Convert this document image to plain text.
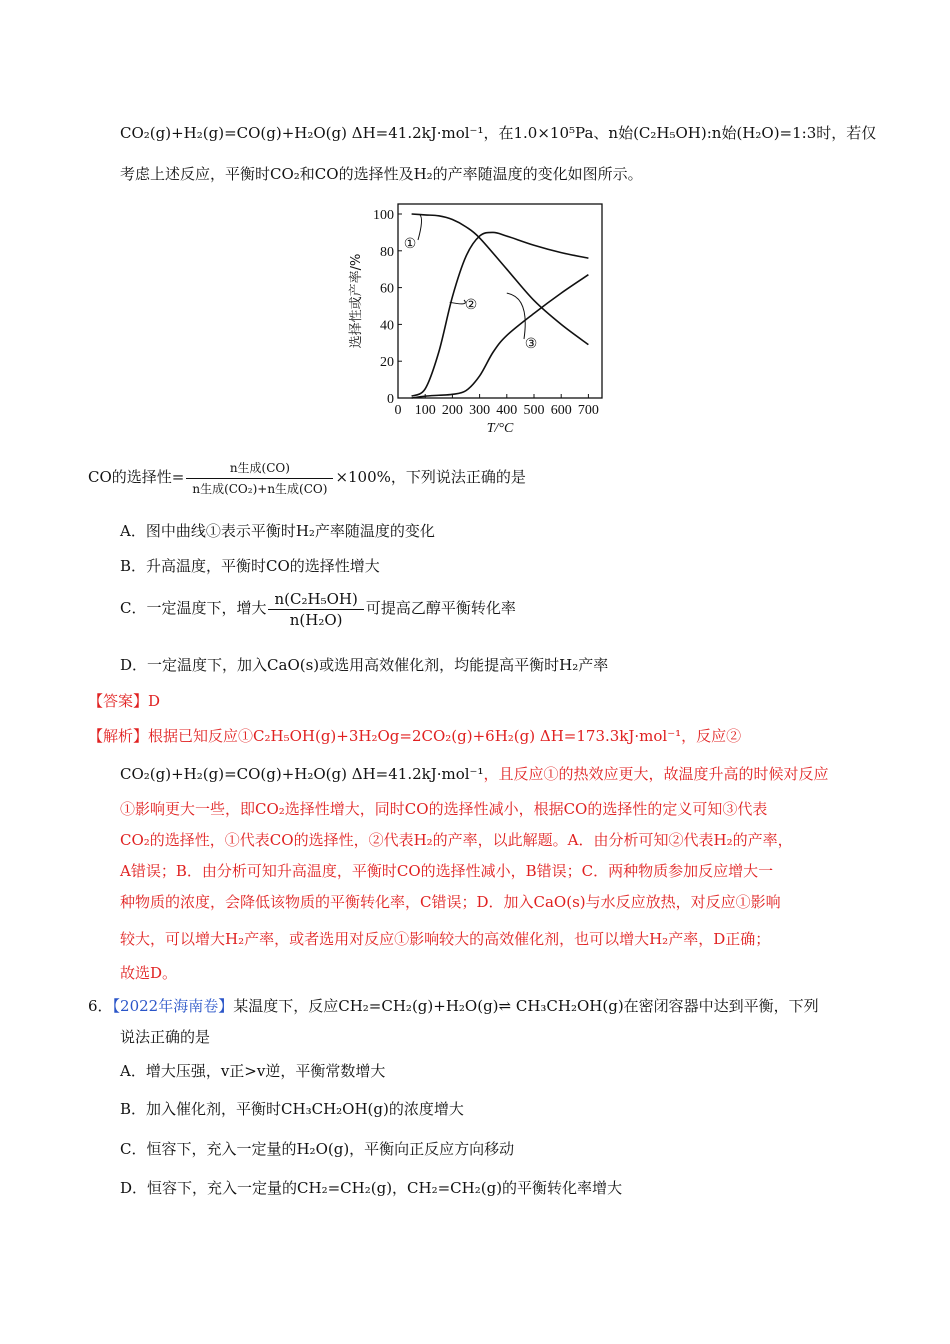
CO₂(g)+H₂(g)=CO(g)+H₂O(g) ΔH=41.2kJ·mol⁻¹，在1.0×10⁵Pa、n始(C₂H₅OH):n始(H₂O)=1:3时，若仅
考虑上述反应，平衡时CO₂和CO的选择性及H₂的产率随温度的变化如图所示。
选择性或产率/%
T/°C
0 100 200 300 400 500 600 700
0
20
40
60
80
100
①
②
③
CO的选择性= $\frac{\text{n生成(CO)}}{\text{n生成(CO₂)+n生成(CO)}} \times 100\%$，下列说法正确的是
A．图中曲线①表示平衡时H₂产率随温度的变化
B．升高温度，平衡时CO的选择性增大
C．一定温度下，增大 $\frac{\text{n(C₂H₅OH)}}{\text{n(H₂O)}}$ 可提高乙醇平衡转化率
D．一定温度下，加入CaO(s)或选用高效催化剂，均能提高平衡时H₂产率
【答案】D
【解析】根据已知反应①C₂H₅OH(g)+3H₂Og=2CO₂(g)+6H₂(g) ΔH=173.3kJ·mol⁻¹，反应②
CO₂(g)+H₂(g)=CO(g)+H₂O(g) ΔH=41.2kJ·mol⁻¹，且反应①的热效应更大，故温度升高的时候对反应
①影响更大一些，即CO₂选择性增大，同时CO的选择性减小，根据CO的选择性的定义可知③代表
CO₂的选择性，①代表CO的选择性，②代表H₂的产率，以此解题。A．由分析可知②代表H₂的产率，
A错误；B．由分析可知升高温度，平衡时CO的选择性减小，B错误；C．两种物质参加反应增大一
种物质的浓度，会降低该物质的平衡转化率，C错误；D．加入CaO(s)与水反应放热，对反应①影响
较大，可以增大H₂产率，或者选用对反应①影响较大的高效催化剂，也可以增大H₂产率，D正确；
故选D。
6．【2022年海南卷】某温度下，反应CH₂=CH₂(g)+H₂O(g)⇌ CH₃CH₂OH(g)在密闭容器中达到平衡，下列
说法正确的是
A．增大压强，v正>v逆，平衡常数增大
B．加入催化剂，平衡时CH₃CH₂OH(g)的浓度增大
C．恒容下，充入一定量的H₂O(g)，平衡向正反应方向移动
D．恒容下，充入一定量的CH₂=CH₂(g)，CH₂=CH₂(g)的平衡转化率增大
